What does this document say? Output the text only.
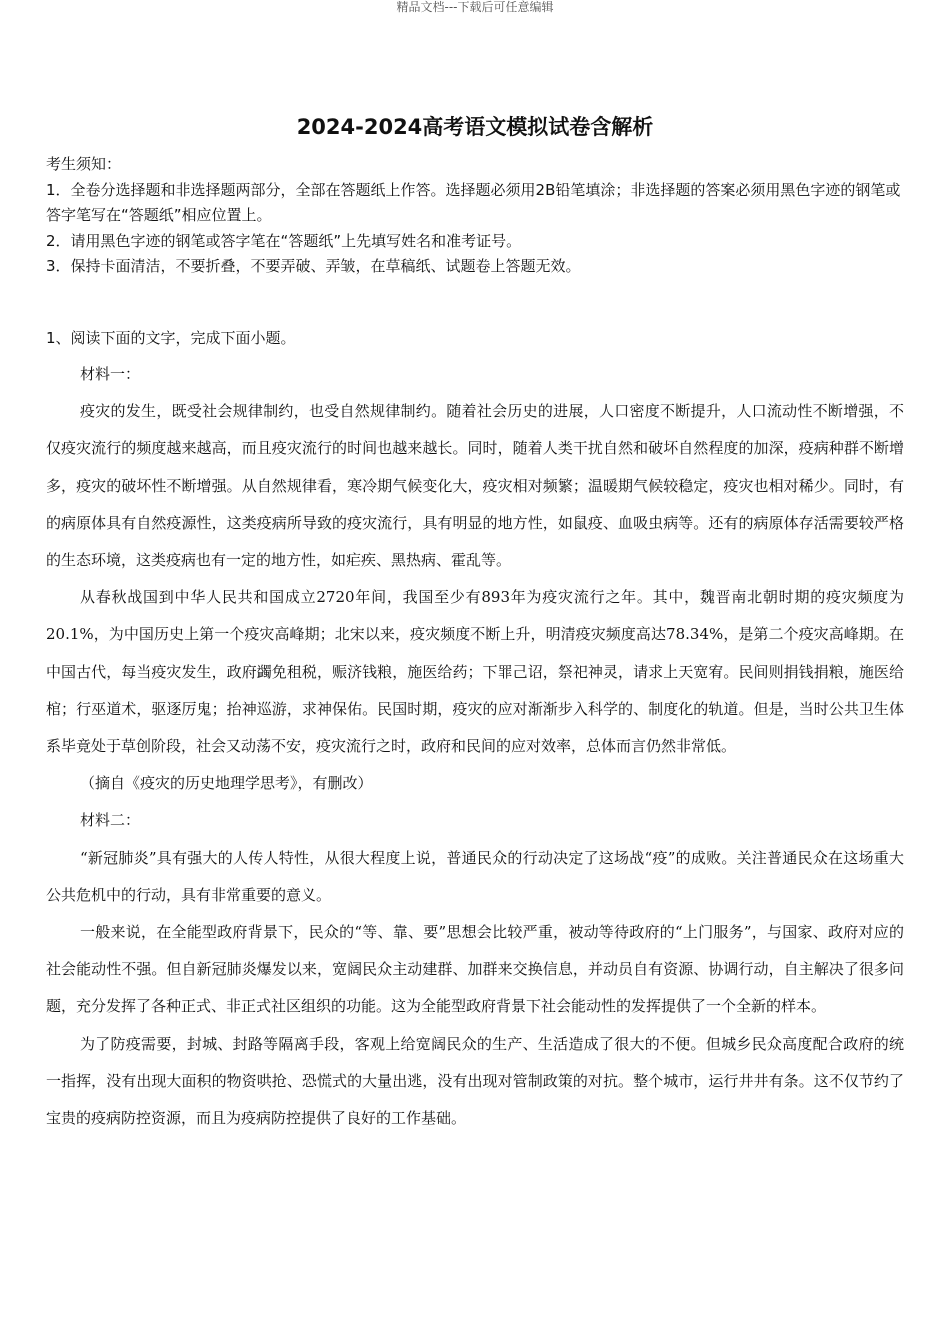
精品文档---下载后可任意编辑
2024-2024高考语文模拟试卷含解析

考生须知：

1．全卷分选择题和非选择题两部分，全部在答题纸上作答。选择题必须用2B铅笔填涂；非选择题的答案必须用黑色字迹的钢笔或答字笔写在“答题纸”相应位置上。

2．请用黑色字迹的钢笔或答字笔在“答题纸”上先填写姓名和准考证号。

3．保持卡面清洁，不要折叠，不要弄破、弄皱，在草稿纸、试题卷上答题无效。

1、阅读下面的文字，完成下面小题。

材料一：

疫灾的发生，既受社会规律制约，也受自然规律制约。随着社会历史的进展，人口密度不断提升，人口流动性不断增强，不仅疫灾流行的频度越来越高，而且疫灾流行的时间也越来越长。同时，随着人类干扰自然和破坏自然程度的加深，疫病种群不断增多，疫灾的破坏性不断增强。从自然规律看，寒冷期气候变化大，疫灾相对频繁；温暖期气候较稳定，疫灾也相对稀少。同时，有的病原体具有自然疫源性，这类疫病所导致的疫灾流行，具有明显的地方性，如鼠疫、血吸虫病等。还有的病原体存活需要较严格的生态环境，这类疫病也有一定的地方性，如疟疾、黑热病、霍乱等。

从春秋战国到中华人民共和国成立2720年间，我国至少有893年为疫灾流行之年。其中，魏晋南北朝时期的疫灾频度为20.1%，为中国历史上第一个疫灾高峰期；北宋以来，疫灾频度不断上升，明清疫灾频度高达78.34%，是第二个疫灾高峰期。在中国古代，每当疫灾发生，政府蠲免租税，赈济钱粮，施医给药；下罪己诏，祭祀神灵，请求上天宽宥。民间则捐钱捐粮，施医给棺；行巫道术，驱逐厉鬼；抬神巡游，求神保佑。民国时期，疫灾的应对渐渐步入科学的、制度化的轨道。但是，当时公共卫生体系毕竟处于草创阶段，社会又动荡不安，疫灾流行之时，政府和民间的应对效率，总体而言仍然非常低。

（摘自《疫灾的历史地理学思考》，有删改）

材料二：

“新冠肺炎”具有强大的人传人特性，从很大程度上说，普通民众的行动决定了这场战“疫”的成败。关注普通民众在这场重大公共危机中的行动，具有非常重要的意义。

一般来说，在全能型政府背景下，民众的“等、靠、要”思想会比较严重，被动等待政府的“上门服务”，与国家、政府对应的社会能动性不强。但自新冠肺炎爆发以来，宽阔民众主动建群、加群来交换信息，并动员自有资源、协调行动，自主解决了很多问题，充分发挥了各种正式、非正式社区组织的功能。这为全能型政府背景下社会能动性的发挥提供了一个全新的样本。

为了防疫需要，封城、封路等隔离手段，客观上给宽阔民众的生产、生活造成了很大的不便。但城乡民众高度配合政府的统一指挥，没有出现大面积的物资哄抢、恐慌式的大量出逃，没有出现对管制政策的对抗。整个城市，运行井井有条。这不仅节约了宝贵的疫病防控资源，而且为疫病防控提供了良好的工作基础。
